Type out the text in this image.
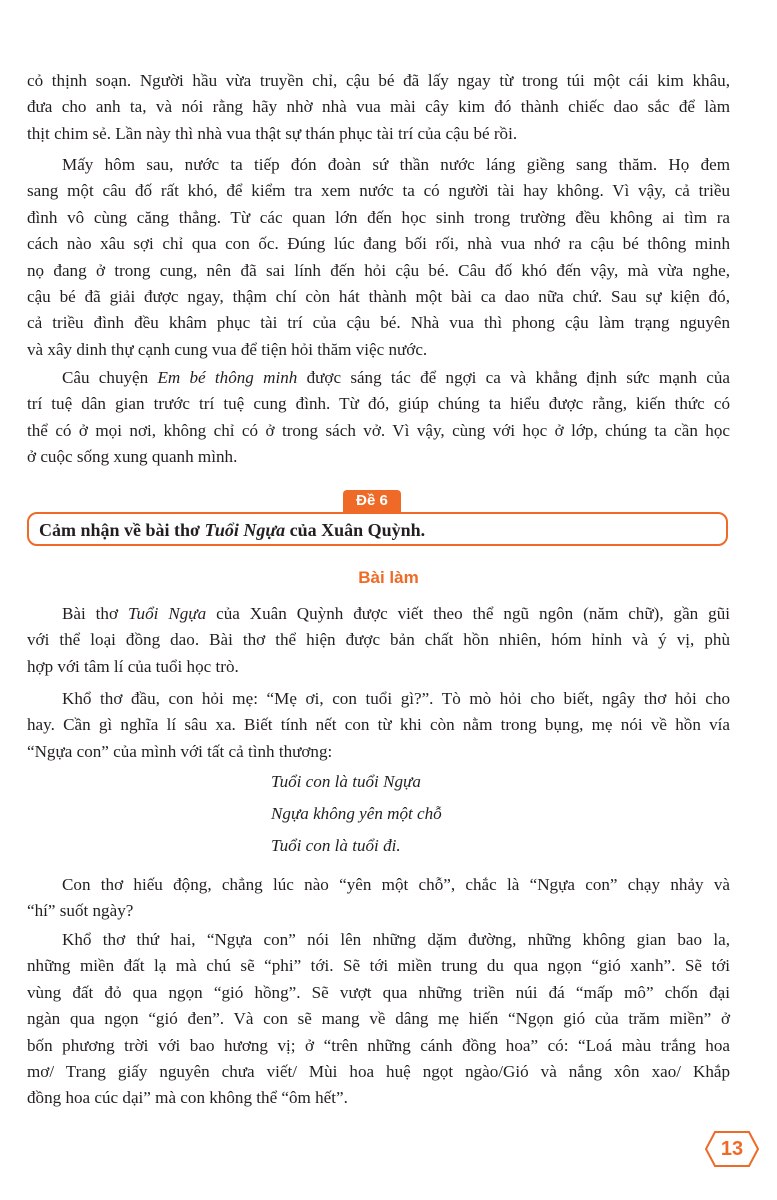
cỏ thịnh soạn. Người hầu vừa truyền chỉ, cậu bé đã lấy ngay từ trong túi một cái kim khâu,
đưa cho anh ta, và nói rằng hãy nhờ nhà vua mài cây kim đó thành chiếc dao sắc để làm
thịt chim sẻ. Lần này thì nhà vua thật sự thán phục tài trí của cậu bé rồi.
Mấy hôm sau, nước ta tiếp đón đoàn sứ thần nước láng giềng sang thăm. Họ đem
sang một câu đố rất khó, để kiểm tra xem nước ta có người tài hay không. Vì vậy, cả triều
đình vô cùng căng thẳng. Từ các quan lớn đến học sinh trong trường đều không ai tìm ra
cách nào xâu sợi chỉ qua con ốc. Đúng lúc đang bối rối, nhà vua nhớ ra cậu bé thông minh
nọ đang ở trong cung, nên đã sai lính đến hỏi cậu bé. Câu đố khó đến vậy, mà vừa nghe,
cậu bé đã giải được ngay, thậm chí còn hát thành một bài ca dao nữa chứ. Sau sự kiện đó,
cả triều đình đều khâm phục tài trí của cậu bé. Nhà vua thì phong cậu làm trạng nguyên
và xây dinh thự cạnh cung vua để tiện hỏi thăm việc nước.
Câu chuyện Em bé thông minh được sáng tác để ngợi ca và khẳng định sức mạnh của
trí tuệ dân gian trước trí tuệ cung đình. Từ đó, giúp chúng ta hiểu được rằng, kiến thức có
thể có ở mọi nơi, không chỉ có ở trong sách vở. Vì vậy, cùng với học ở lớp, chúng ta cần học
ở cuộc sống xung quanh mình.
Đề 6
Cảm nhận về bài thơ Tuổi Ngựa của Xuân Quỳnh.
Bài làm
Bài thơ Tuổi Ngựa của Xuân Quỳnh được viết theo thể ngũ ngôn (năm chữ), gần gũi
với thể loại đồng dao. Bài thơ thể hiện được bản chất hồn nhiên, hóm hỉnh và ý vị, phù
hợp với tâm lí của tuổi học trò.
Khổ thơ đầu, con hỏi mẹ: “Mẹ ơi, con tuổi gì?”. Tò mò hỏi cho biết, ngây thơ hỏi cho
hay. Cần gì nghĩa lí sâu xa. Biết tính nết con từ khi còn nằm trong bụng, mẹ nói về hồn vía
“Ngựa con” của mình với tất cả tình thương:
Tuổi con là tuổi Ngựa
Ngựa không yên một chỗ
Tuổi con là tuổi đi.
Con thơ hiếu động, chẳng lúc nào “yên một chỗ”, chắc là “Ngựa con” chạy nhảy và
“hí” suốt ngày?
Khổ thơ thứ hai, “Ngựa con” nói lên những dặm đường, những không gian bao la,
những miền đất lạ mà chú sẽ “phi” tới. Sẽ tới miền trung du qua ngọn “gió xanh”. Sẽ tới
vùng đất đỏ qua ngọn “gió hồng”. Sẽ vượt qua những triền núi đá “mấp mô” chốn đại
ngàn qua ngọn “gió đen”. Và con sẽ mang về dâng mẹ hiến “Ngọn gió của trăm miền” ở
bốn phương trời với bao hương vị; ở “trên những cánh đồng hoa” có: “Loá màu trắng hoa
mơ/ Trang giấy nguyên chưa viết/ Mùi hoa huệ ngọt ngào/Gió và nắng xôn xao/ Khắp
đồng hoa cúc dại” mà con không thể “ôm hết”.
13
